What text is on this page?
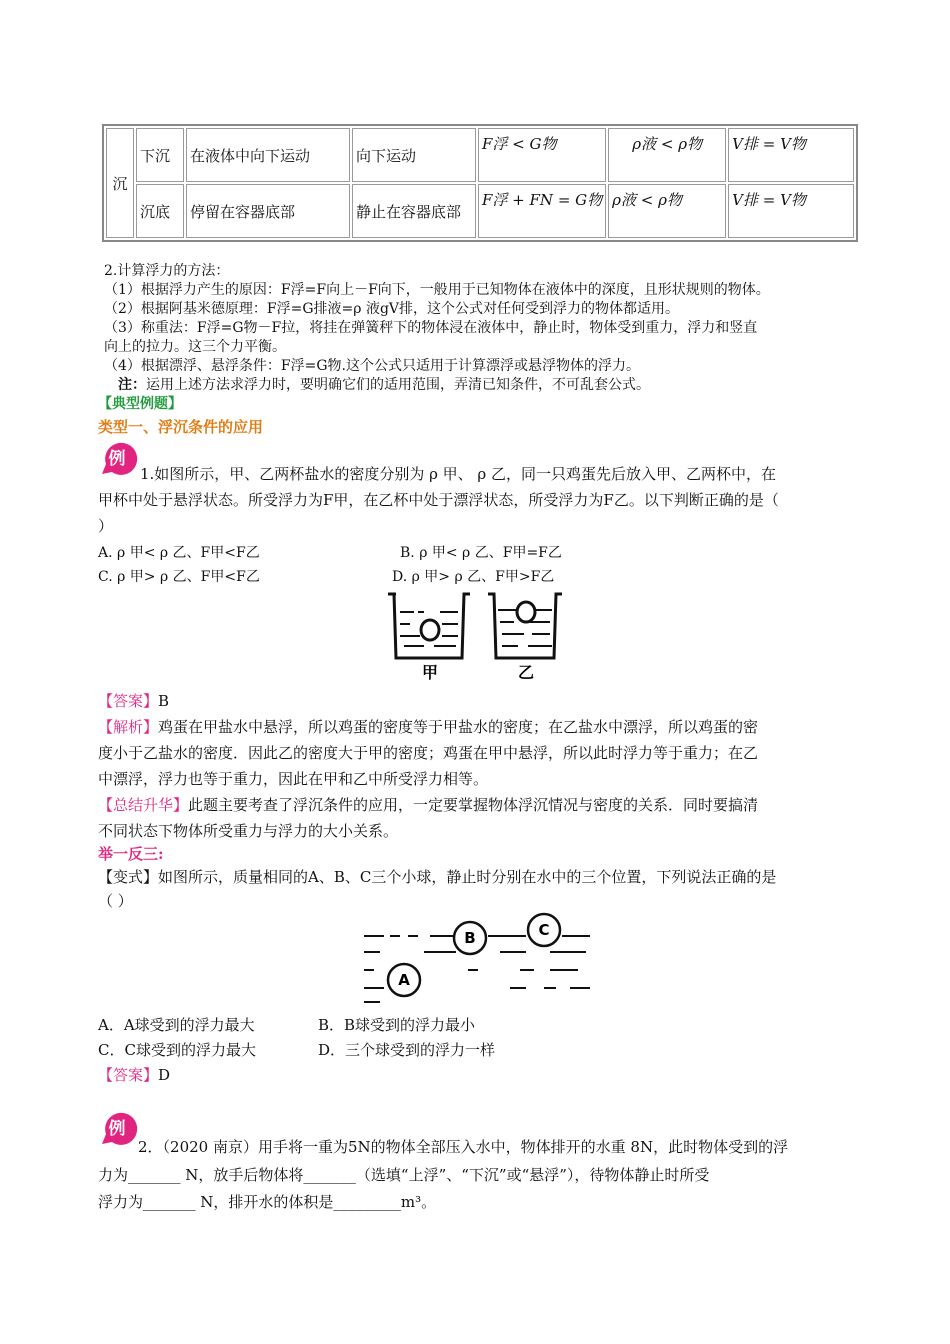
沉	下沉	在液体中向下运动	向下运动	F浮 < G物	ρ液 < ρ物	V排 = V物
	沉底	停留在容器底部	静止在容器底部	F浮 + FN = G物	ρ液 < ρ物	V排 = V物
2.计算浮力的方法：
（1）根据浮力产生的原因：F浮=F向上－F向下，一般用于已知物体在液体中的深度，且形状规则的物体。
（2）根据阿基米德原理：F浮=G排液=ρ 液gV排，这个公式对任何受到浮力的物体都适用。
（3）称重法：F浮=G物－F拉，将挂在弹簧秤下的物体浸在液体中，静止时，物体受到重力，浮力和竖直
向上的拉力。这三个力平衡。
（4）根据漂浮、悬浮条件：F浮=G物.这个公式只适用于计算漂浮或悬浮物体的浮力。
注：运用上述方法求浮力时，要明确它们的适用范围，弄清已知条件，不可乱套公式。
【典型例题】
类型一、浮沉条件的应用
例
1.如图所示，甲、乙两杯盐水的密度分别为 ρ 甲、 ρ 乙，同一只鸡蛋先后放入甲、乙两杯中，在
甲杯中处于悬浮状态。所受浮力为F甲，在乙杯中处于漂浮状态，所受浮力为F乙。以下判断正确的是（
）
A. ρ 甲< ρ 乙、F甲<F乙	B. ρ 甲< ρ 乙、F甲=F乙
C. ρ 甲> ρ 乙、F甲<F乙	D. ρ 甲> ρ 乙、F甲>F乙
甲	乙
【答案】B
【解析】鸡蛋在甲盐水中悬浮，所以鸡蛋的密度等于甲盐水的密度；在乙盐水中漂浮，所以鸡蛋的密
度小于乙盐水的密度．因此乙的密度大于甲的密度；鸡蛋在甲中悬浮，所以此时浮力等于重力；在乙
中漂浮，浮力也等于重力，因此在甲和乙中所受浮力相等。
【总结升华】此题主要考查了浮沉条件的应用，一定要掌握物体浮沉情况与密度的关系．同时要搞清
不同状态下物体所受重力与浮力的大小关系。
举一反三:
【变式】如图所示，质量相同的A、B、C三个小球，静止时分别在水中的三个位置，下列说法正确的是
（ ）
A
B	C
A．A球受到的浮力最大	B．B球受到的浮力最小
C．C球受到的浮力最大	D．三个球受到的浮力一样
【答案】D
例
2．（2020 南京）用手将一重为5N的物体全部压入水中，物体排开的水重 8N，此时物体受到的浮
力为_______ N，放手后物体将_______（选填“上浮”、“下沉”或“悬浮”），待物体静止时所受
浮力为_______ N，排开水的体积是_________m³。
